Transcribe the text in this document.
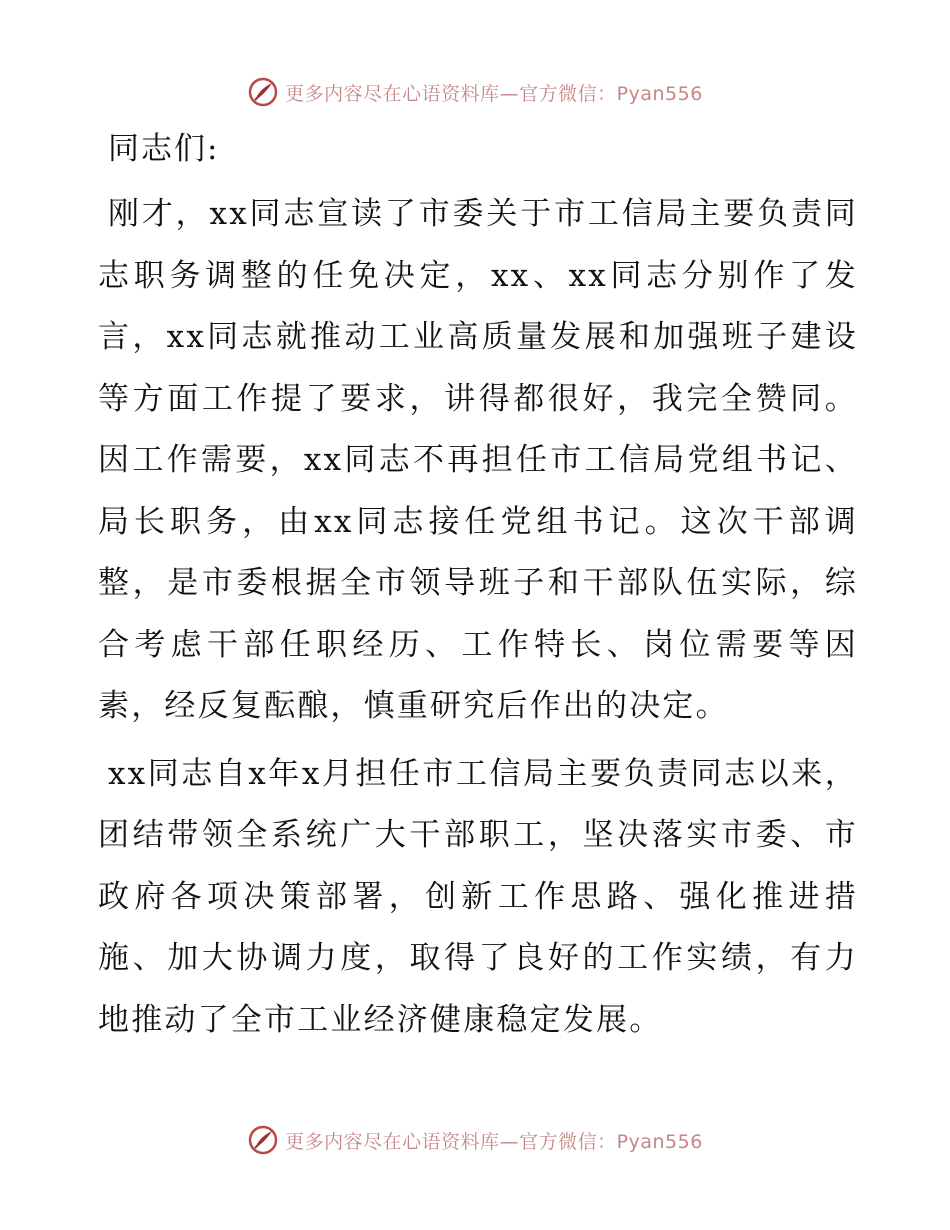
更多内容尽在心语资料库—官方微信：Pyan556

同志们:

刚才，xx同志宣读了市委关于市工信局主要负责同志职务调整的任免决定，xx、xx同志分别作了发言，xx同志就推动工业高质量发展和加强班子建设等方面工作提了要求，讲得都很好，我完全赞同。因工作需要，xx同志不再担任市工信局党组书记、局长职务，由xx同志接任党组书记。这次干部调整，是市委根据全市领导班子和干部队伍实际，综合考虑干部任职经历、工作特长、岗位需要等因素，经反复酝酿，慎重研究后作出的决定。

xx同志自x年x月担任市工信局主要负责同志以来，团结带领全系统广大干部职工，坚决落实市委、市政府各项决策部署，创新工作思路、强化推进措施、加大协调力度，取得了良好的工作实绩，有力地推动了全市工业经济健康稳定发展。

更多内容尽在心语资料库—官方微信：Pyan556
